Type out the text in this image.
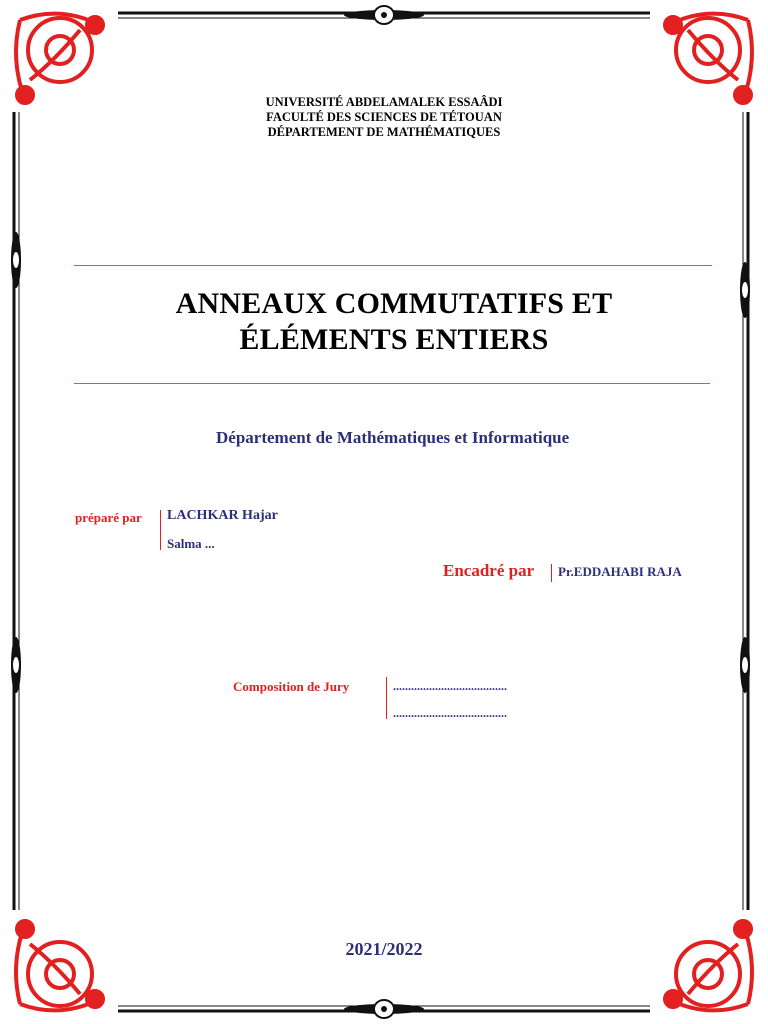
UNIVERSITÉ ABDELAMALEK ESSAÂDI
FACULTÉ DES SCIENCES DE TÉTOUAN
DÉPARTEMENT DE MATHÉMATIQUES
ANNEAUX COMMUTATIFS ET
ÉLÉMENTS ENTIERS
Département de Mathématiques et Informatique
préparé par LACHKAR Hajar
Salma ...
Encadré par Pr.EDDAHABI RAJA
Composition de Jury	......................................
......................................
2021/2022
